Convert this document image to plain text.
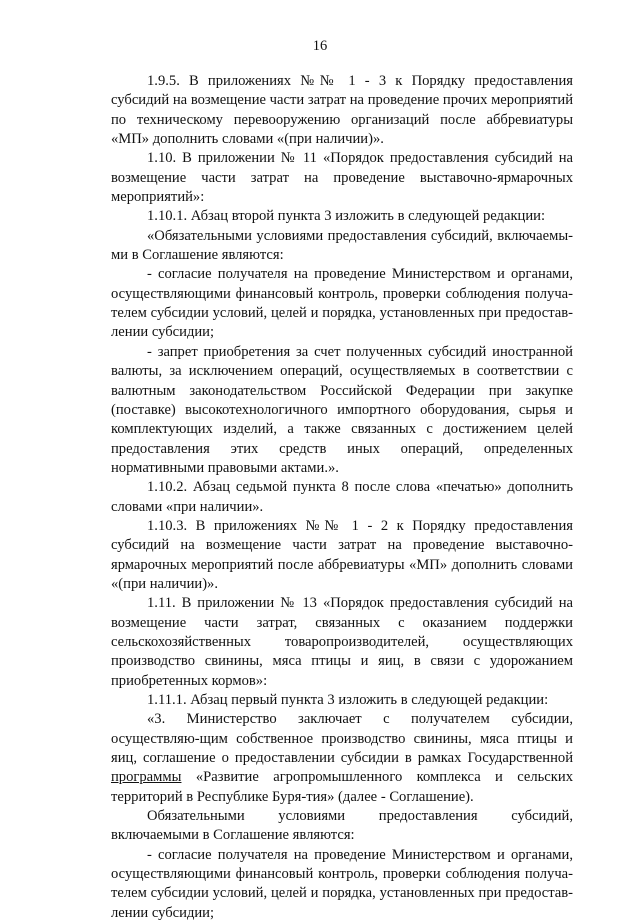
16

1.9.5. В приложениях №№ 1 - 3 к Порядку предоставления субсидий на возмещение части затрат на проведение прочих мероприятий по техническому перевооружению организаций после аббревиатуры «МП» дополнить словами «(при наличии)».

1.10. В приложении № 11 «Порядок предоставления субсидий на возмещение части затрат на проведение выставочно-ярмарочных мероприятий»:

1.10.1. Абзац второй пункта 3 изложить в следующей редакции:

«Обязательными условиями предоставления субсидий, включаемы-ми в Соглашение являются:

- согласие получателя на проведение Министерством и органами, осуществляющими финансовый контроль, проверки соблюдения получа-телем субсидии условий, целей и порядка, установленных при предостав-лении субсидии;

- запрет приобретения за счет полученных субсидий иностранной валюты, за исключением операций, осуществляемых в соответствии с валютным законодательством Российской Федерации при закупке (поставке) высокотехнологичного импортного оборудования, сырья и комплектующих изделий, а также связанных с достижением целей предоставления этих средств иных операций, определенных нормативными правовыми актами.».

1.10.2. Абзац седьмой пункта 8 после слова «печатью» дополнить словами «при наличии».

1.10.3. В приложениях №№ 1 - 2 к Порядку предоставления субсидий на возмещение части затрат на проведение выставочно-ярмарочных мероприятий после аббревиатуры «МП» дополнить словами «(при наличии)».

1.11. В приложении № 13 «Порядок предоставления субсидий на возмещение части затрат, связанных с оказанием поддержки сельскохозяйственных товаропроизводителей, осуществляющих производство свинины, мяса птицы и яиц, в связи с удорожанием приобретенных кормов»:

1.11.1. Абзац первый пункта 3 изложить в следующей редакции:

«3. Министерство заключает с получателем субсидии, осуществляю-щим собственное производство свинины, мяса птицы и яиц, соглашение о предоставлении субсидии в рамках Государственной программы «Развитие агропромышленного комплекса и сельских территорий в Республике Буря-тия» (далее - Соглашение).

Обязательными условиями предоставления субсидий, включаемыми в Соглашение являются:

- согласие получателя на проведение Министерством и органами, осуществляющими финансовый контроль, проверки соблюдения получа-телем субсидии условий, целей и порядка, установленных при предостав-лении субсидии;
